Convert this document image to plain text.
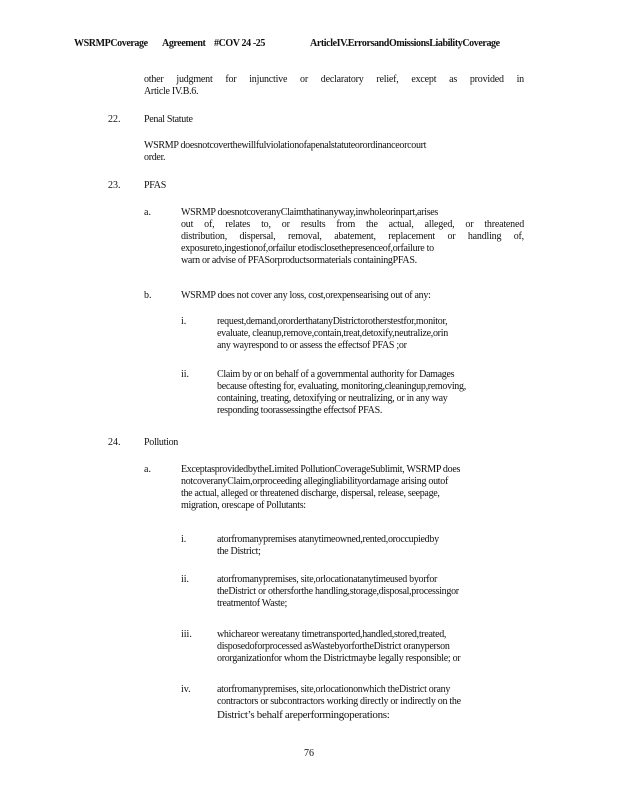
WSRMPCoverage Agreement #COV 24 -25	ArticleIV.ErrorsandOmissionsLiabilityCoverage
other judgment for injunctive or declaratory relief, except as provided in
Article IV.B.6.
22. Penal Statute
WSRMP doesnotcoverthewillfulviolationofapenalstatuteorordinanceorcourt
order.
23. PFAS
a.	WSRMP doesnotcoveranyClaimthatinanyway,inwholeorinpart,arises
out of, relates to, or results from the actual, alleged, or threatened
distribution, dispersal, removal, abatement, replacement or handling of,
exposureto,ingestionof,orfailur etodisclosethepresenceof,orfailure to
warn or advise of PFASorproductsormaterials containingPFAS.
b.	WSRMP does not cover any loss, cost,orexpensearising out of any:
i.	request,demand,ororderthatanyDistrictorotherstestfor,monitor,
evaluate, cleanup,remove,contain,treat,detoxify,neutralize,orin
any wayrespond to or assess the effectsof PFAS ;or
ii.	Claim by or on behalf of a governmental authority for Damages
because oftesting for, evaluating, monitoring,cleaningup,removing,
containing, treating, detoxifying or neutralizing, or in any way
responding toorassessingthe effectsof PFAS.
24. Pollution
a.	ExceptasprovidedbytheLimited PollutionCoverageSublimit, WSRMP does
notcoveranyClaim,orproceeding allegingliabilityordamage arising outof
the actual, alleged or threatened discharge, dispersal, release, seepage,
migration, orescape of Pollutants:
i.	atorfromanypremises atanytimeowned,rented,oroccupiedby
the District;
ii.	atorfromanypremises, site,orlocationatanytimeused byorfor
theDistrict or othersforthe handling,storage,disposal,processingor
treatmentof Waste;
iii.	whichareor wereatany timetransported,handled,stored,treated,
disposedoforprocessed asWastebyorfortheDistrict oranyperson
ororganizationfor whom the Districtmaybe legally responsible; or
iv.	atorfromanypremises, site,orlocationonwhich theDistrict orany
contractors or subcontractors working directly or indirectly on the
District’s behalf areperformingoperations:
76
